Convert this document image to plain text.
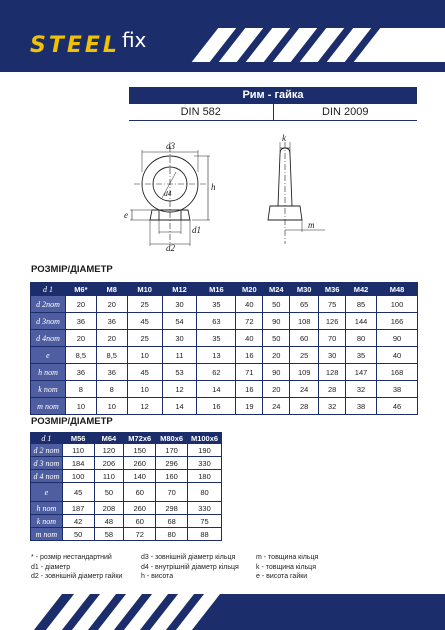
STEEL fix
Рим - гайка
DIN 582	DIN 2009
d3
d4
h
e
d1
d2
k
m
РОЗМІР/ДІАМЕТР
d 1	M6*	M8	M10	M12	M16	M20	M24	M30	M36	M42	M48
d 2nom	20	20	25	30	35	40	50	65	75	85	100
d 3nom	36	36	45	54	63	72	90	108	126	144	166
d 4nom	20	20	25	30	35	40	50	60	70	80	90
e	8,5	8,5	10	11	13	16	20	25	30	35	40
h nom	36	36	45	53	62	71	90	109	128	147	168
k nom	8	8	10	12	14	16	20	24	28	32	38
m nom	10	10	12	14	16	19	24	28	32	38	46
РОЗМІР/ДІАМЕТР
d 1	M56	M64	M72x6	M80x6	M100x6
d 2 nom	110	120	150	170	190
d 3 nom	184	206	260	296	330
d 4 nom	100	110	140	160	180
e	45	50	60	70	80
h nom	187	208	260	298	330
k nom	42	48	60	68	75
m nom	50	58	72	80	88
* - розмір нестандартний
d1 - діаметр
d2 - зовнішній діаметр гайки
d3 - зовнішній діаметр кільця
d4 - внутрішній діаметр кільця
h - висота
m - товщина кільця
k - товщина кільця
e - висота гайки
